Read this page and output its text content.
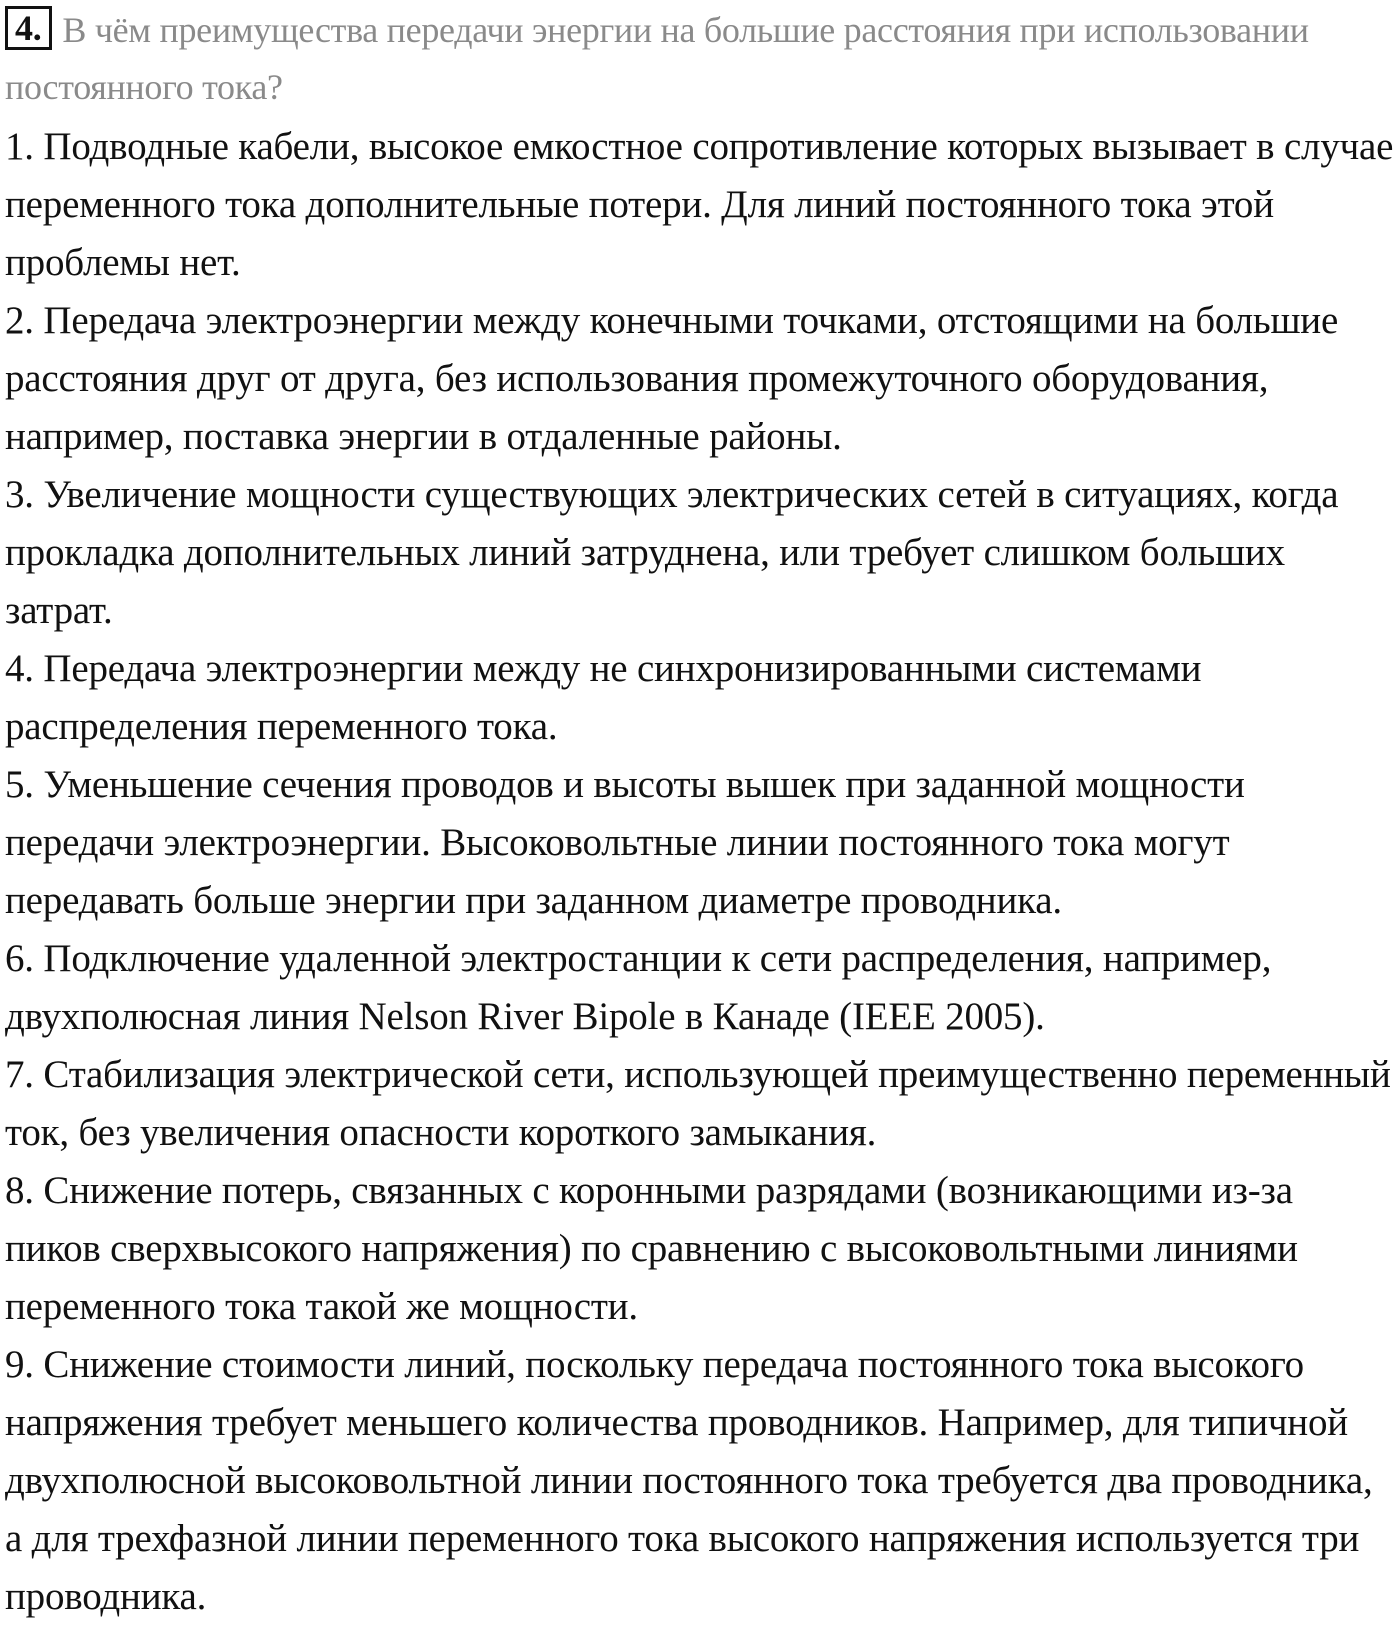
4. В чём преимущества передачи энергии на большие расстояния при использовании постоянного тока?

1. Подводные кабели, высокое емкостное сопротивление которых вызывает в случае переменного тока дополнительные потери. Для линий постоянного тока этой проблемы нет.
2. Передача электроэнергии между конечными точками, отстоящими на большие расстояния друг от друга, без использования промежуточного оборудования, например, поставка энергии в отдаленные районы.
3. Увеличение мощности существующих электрических сетей в ситуациях, когда прокладка дополнительных линий затруднена, или требует слишком больших затрат.
4. Передача электроэнергии между не синхронизированными системами распределения переменного тока.
5. Уменьшение сечения проводов и высоты вышек при заданной мощности передачи электроэнергии. Высоковольтные линии постоянного тока могут передавать больше энергии при заданном диаметре проводника.
6. Подключение удаленной электростанции к сети распределения, например, двухполюсная линия Nelson River Bipole в Канаде (IEEE 2005).
7. Стабилизация электрической сети, использующей преимущественно переменный ток, без увеличения опасности короткого замыкания.
8. Снижение потерь, связанных с коронными разрядами (возникающими из-за пиков сверхвысокого напряжения) по сравнению с высоковольтными линиями переменного тока такой же мощности.
9. Снижение стоимости линий, поскольку передача постоянного тока высокого напряжения требует меньшего количества проводников. Например, для типичной двухполюсной высоковольтной линии постоянного тока требуется два проводника, а для трехфазной линии переменного тока высокого напряжения используется три проводника.
